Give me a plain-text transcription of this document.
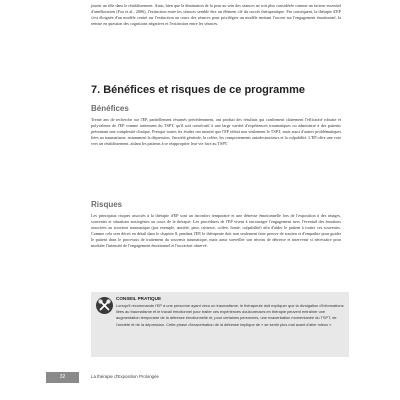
jouent un rôle dans le rétablissement. Ainsi, bien que la diminution de la peur au sein des séances ne soit plus considérée comme un facteur essentiel d'amélioration (Foa et al., 2006), l'extinction entre les séances semble être un élément clé du succès thérapeutique. Par conséquent, la thérapie d'EP s'est éloignée d'un modèle centré sur l'extinction au cours des séances pour privilégier un modèle mettant l'accent sur l'engagement émotionnel, la remise en question des cognitions négatives et l'extinction entre les séances.

7. Bénéfices et risques de ce programme
Bénéfices

Trente ans de recherche sur l'EP, partiellement résumés précédemment, ont produit des résultats qui confirment clairement l'efficacité robuste et polyvalente de l'EP comme traitement du TSPT, qu'il soit consécutif à une large variété d'expériences traumatiques ou administré à des patients présentant une complexité clinique. Presque toutes les études ont montré que l'EP réduit non seulement le TSPT, mais aussi d'autres problématiques liées au traumatisme, notamment la dépression, l'anxiété générale, la colère, les comportements autodestructeurs et la culpabilité. L'EP offre une voie vers un rétablissement, aidant les patients à se réapproprier leur vie face au TSPT.

Risques

Les principaux risques associés à la thérapie d'EP sont un inconfort temporaire et une détresse émotionnelle lors de l'exposition à des images, souvenirs et situations anxiogènes au cours de la thérapie. Les procédures de l'EP visent à encourager l'engagement avec l'éventail des émotions associées au souvenir traumatique (par exemple, anxiété, peur, tristesse, colère, honte, culpabilité) afin d'aider le patient à traiter ces souvenirs. Comme cela sera décrit en détail dans le chapitre 8, pendant l'EP, le thérapeute doit non seulement faire preuve de soutien et d'empathie pour guider le patient dans le processus de traitement du souvenir traumatique, mais aussi surveiller son niveau de détresse et intervenir si nécessaire pour moduler l'intensité de l'engagement émotionnel et l'inconfort observé.

CONSEIL PRATIQUE

Lorsqu'il recommande l'EP à une personne ayant vécu un traumatisme, le thérapeute doit expliquer que la divulgation d'informations liées au traumatisme et le travail émotionnel pour traiter ces expériences douloureuses en thérapie peuvent entraîner une augmentation temporaire de la détresse émotionnelle et, pour certaines personnes, une exacerbation momentanée du TSPT, de l'anxiété et de la dépression. Cette phase d'exacerbation de la détresse implique de « se sentir plus mal avant d'aller mieux ».

32	La thérapie d'Exposition Prolongée
